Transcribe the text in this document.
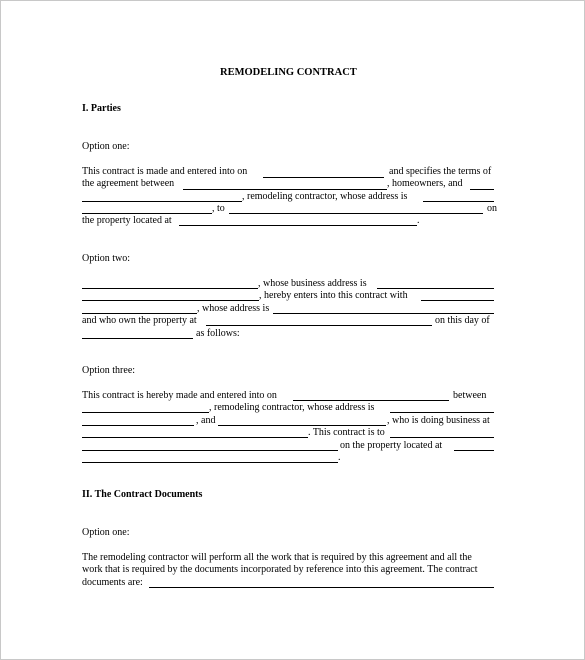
REMODELING CONTRACT
I. Parties
Option one:
This contract is made and entered into on	and specifies the terms of
the agreement between	, homeowners, and
, remodeling contractor, whose address is
, to	on
the property located at	.
Option two:
, whose business address is
, hereby enters into this contract with
, whose address is
and who own the property at	on this day of
as follows:
Option three:
This contract is hereby made and entered into on	between
, remodeling contractor, whose address is
, and	, who is doing business at
. This contract is to
on the property located at
.
II. The Contract Documents
Option one:
The remodeling contractor will perform all the work that is required by this agreement and all the
work that is required by the documents incorporated by reference into this agreement. The contract
documents are:
